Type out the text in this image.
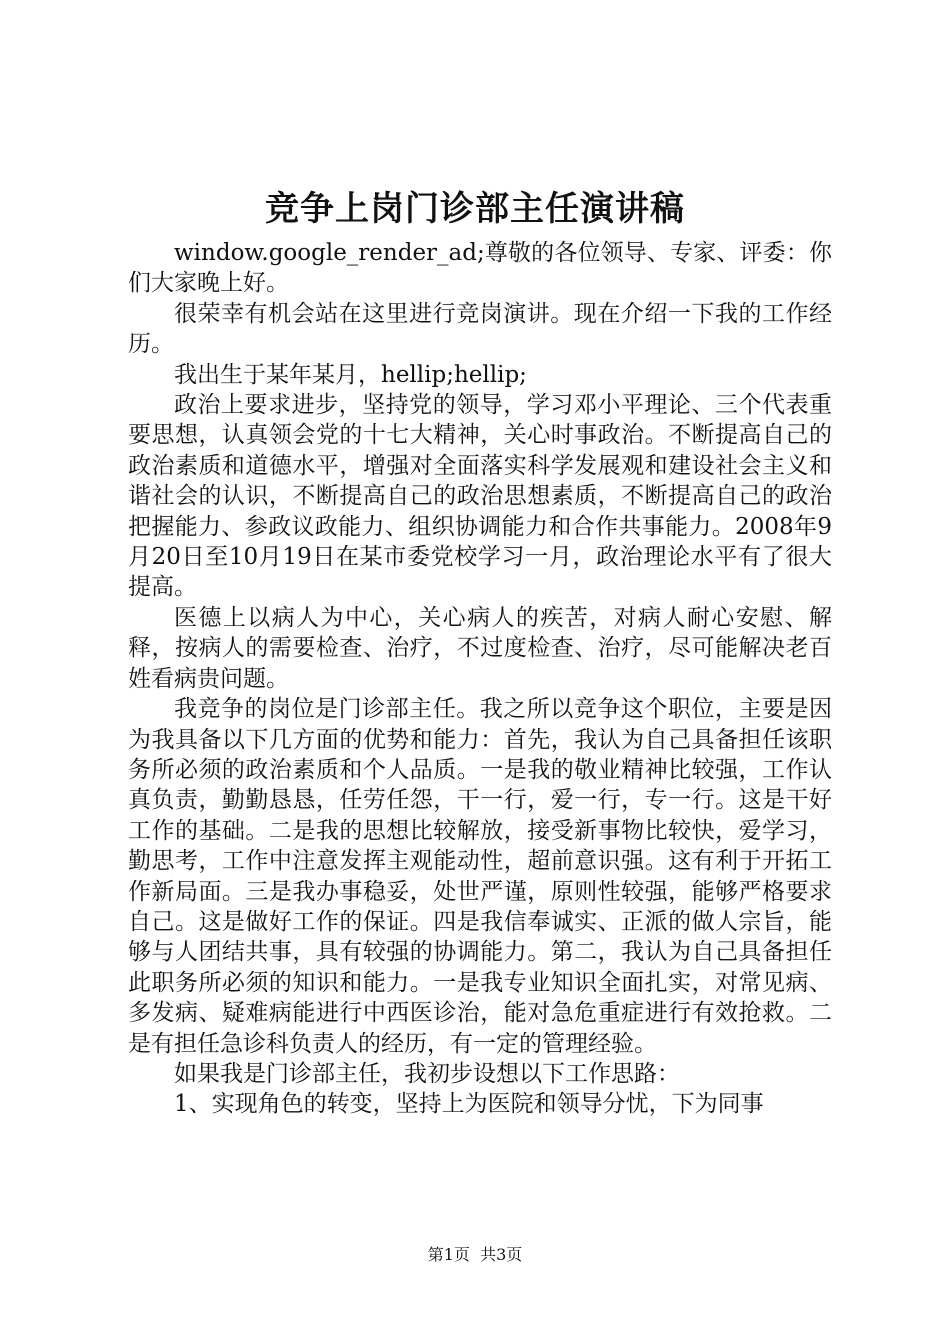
竞争上岗门诊部主任演讲稿

window.google_render_ad;尊敬的各位领导、专家、评委：你们大家晚上好。

很荣幸有机会站在这里进行竞岗演讲。现在介绍一下我的工作经历。

我出生于某年某月，hellip;hellip;

政治上要求进步，坚持党的领导，学习邓小平理论、三个代表重要思想，认真领会党的十七大精神，关心时事政治。不断提高自己的政治素质和道德水平，增强对全面落实科学发展观和建设社会主义和谐社会的认识，不断提高自己的政治思想素质，不断提高自己的政治把握能力、参政议政能力、组织协调能力和合作共事能力。2008年9月20日至10月19日在某市委党校学习一月，政治理论水平有了很大提高。

医德上以病人为中心，关心病人的疾苦，对病人耐心安慰、解释，按病人的需要检查、治疗，不过度检查、治疗，尽可能解决老百姓看病贵问题。

我竞争的岗位是门诊部主任。我之所以竞争这个职位，主要是因为我具备以下几方面的优势和能力：首先，我认为自己具备担任该职务所必须的政治素质和个人品质。一是我的敬业精神比较强，工作认真负责，勤勤恳恳，任劳任怨，干一行，爱一行，专一行。这是干好工作的基础。二是我的思想比较解放，接受新事物比较快，爱学习，勤思考，工作中注意发挥主观能动性，超前意识强。这有利于开拓工作新局面。三是我办事稳妥，处世严谨，原则性较强，能够严格要求自己。这是做好工作的保证。四是我信奉诚实、正派的做人宗旨，能够与人团结共事，具有较强的协调能力。第二，我认为自己具备担任此职务所必须的知识和能力。一是我专业知识全面扎实，对常见病、多发病、疑难病能进行中西医诊治，能对急危重症进行有效抢救。二是有担任急诊科负责人的经历，有一定的管理经验。

如果我是门诊部主任，我初步设想以下工作思路：

1、实现角色的转变，坚持上为医院和领导分忧，下为同事

第1页 共3页
